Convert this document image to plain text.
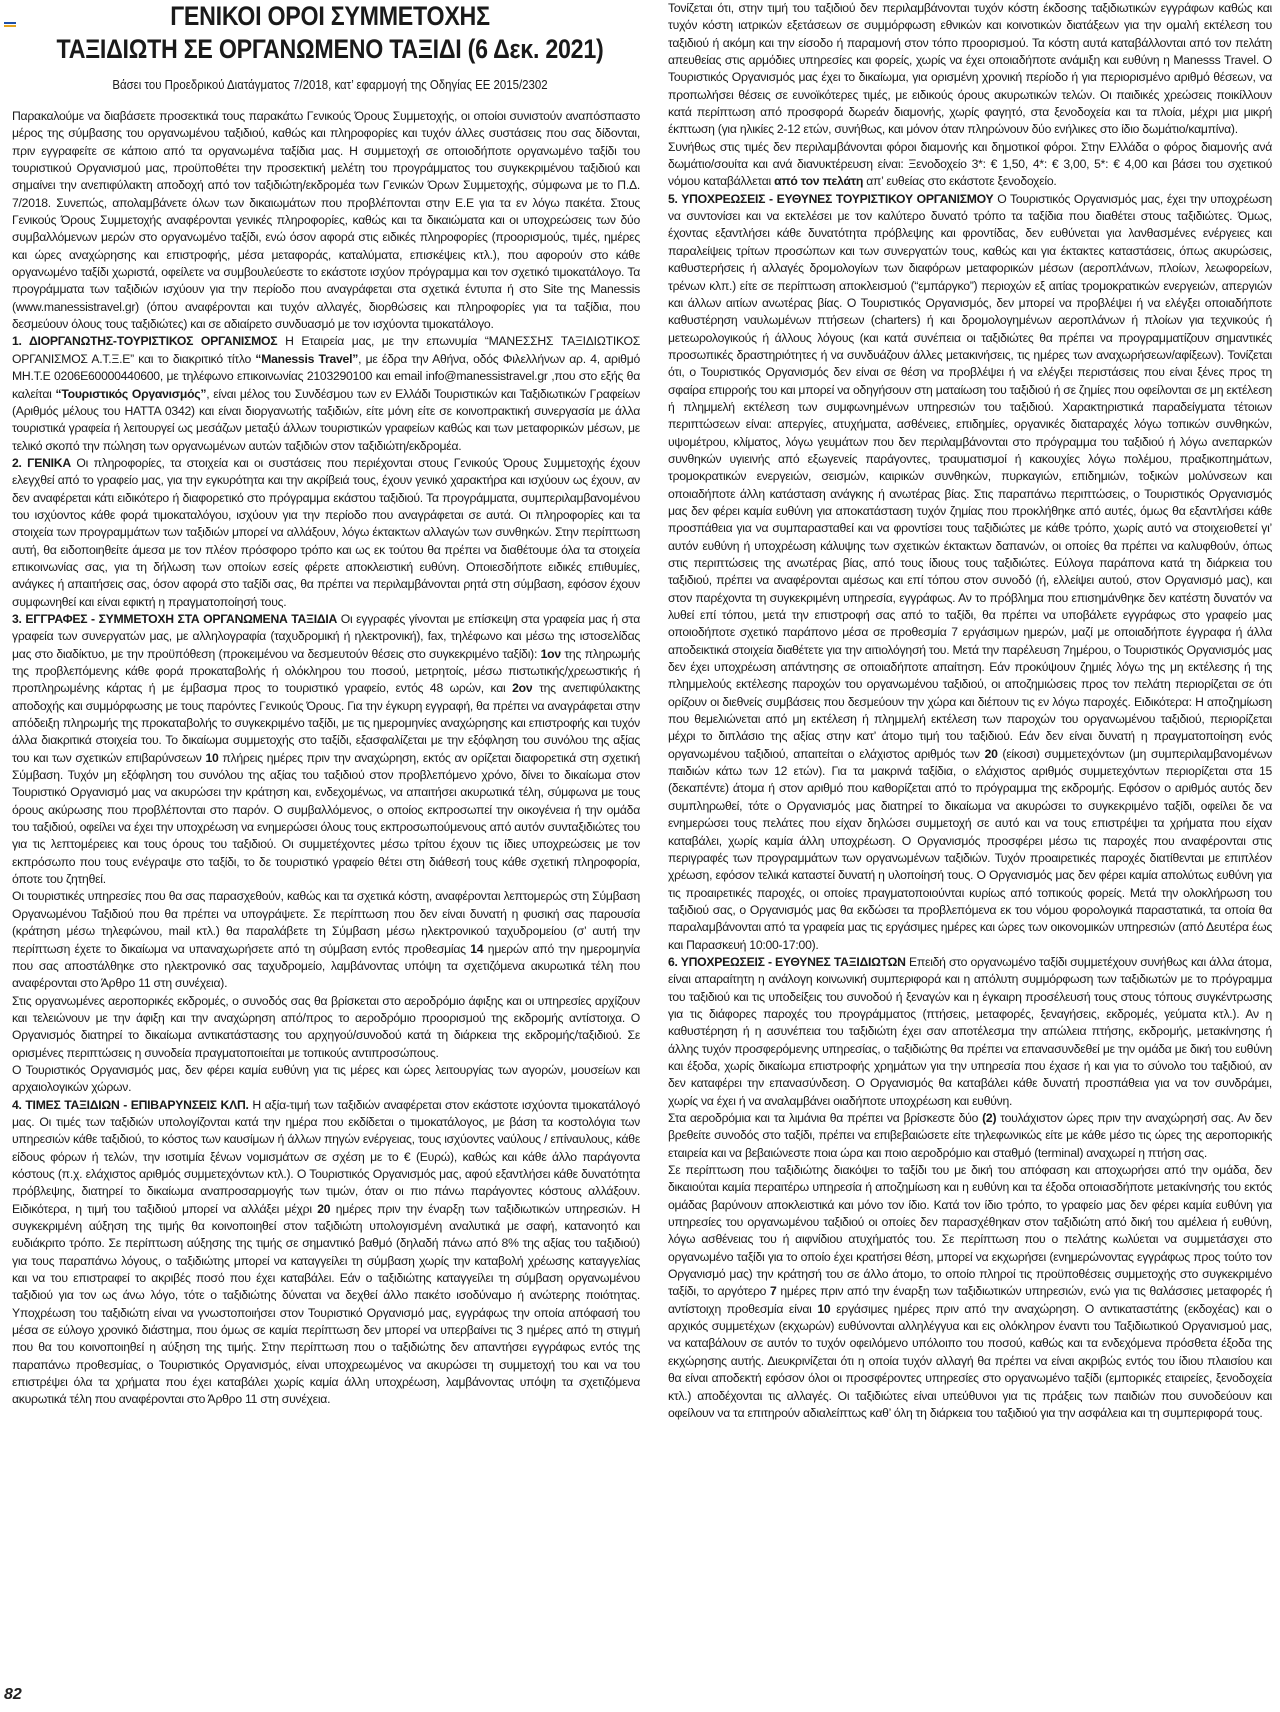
ΓΕΝΙΚΟΙ ΟΡΟΙ ΣΥΜΜΕΤΟΧΗΣ
ΤΑΞΙΔΙΩΤΗ ΣΕ ΟΡΓΑΝΩΜΕΝΟ ΤΑΞΙΔΙ (6 Δεκ. 2021)

Βάσει του Προεδρικού Διατάγματος 7/2018, κατ’ εφαρμογή της Οδηγίας ΕΕ 2015/2302

Παρακαλούμε να διαβάσετε προσεκτικά τους παρακάτω Γενικούς Όρους Συμμετοχής, οι οποίοι συνιστούν αναπόσπαστο μέρος της σύμβασης του οργανωμένου ταξιδιού, καθώς και πληροφορίες και τυχόν άλλες συστάσεις που σας δίδονται, πριν εγγραφείτε σε κάποιο από τα οργανωμένα ταξίδια μας. Η συμμετοχή σε οποιοδήποτε οργανωμένο ταξίδι του τουριστικού Οργανισμού μας, προϋποθέτει την προσεκτική μελέτη του προγράμματος του συγκεκριμένου ταξιδιού και σημαίνει την ανεπιφύλακτη αποδοχή από τον ταξιδιώτη/εκδρομέα των Γενικών Όρων Συμμετοχής, σύμφωνα με το Π.Δ. 7/2018. Συνεπώς, απολαμβάνετε όλων των δικαιωμάτων που προβλέπονται στην Ε.Ε για τα εν λόγω πακέτα. Στους Γενικούς Όρους Συμμετοχής αναφέρονται γενικές πληροφορίες, καθώς και τα δικαιώματα και οι υποχρεώσεις των δύο συμβαλλόμενων μερών στο οργανωμένο ταξίδι, ενώ όσον αφορά στις ειδικές πληροφορίες (προορισμούς, τιμές, ημέρες και ώρες αναχώρησης και επιστροφής, μέσα μεταφοράς, καταλύματα, επισκέψεις κτλ.), που αφορούν στο κάθε οργανωμένο ταξίδι χωριστά, οφείλετε να συμβουλεύεστε το εκάστοτε ισχύον πρόγραμμα και τον σχετικό τιμοκατάλογο. Τα προγράμματα των ταξιδιών ισχύουν για την περίοδο που αναγράφεται στα σχετικά έντυπα ή στο Site της Manessis (www.manessistravel.gr) (όπου αναφέρονται και τυχόν αλλαγές, διορθώσεις και πληροφορίες για τα ταξίδια, που δεσμεύουν όλους τους ταξιδιώτες) και σε αδιαίρετο συνδυασμό με τον ισχύοντα τιμοκατάλογο.

1. ΔΙΟΡΓΑΝΩΤΗΣ-ΤΟΥΡΙΣΤΙΚΟΣ ΟΡΓΑΝΙΣΜΟΣ Η Εταιρεία μας, με την επωνυμία “ΜΑΝΕΣΣΗΣ ΤΑΞΙΔΙΩΤΙΚΟΣ ΟΡΓΑΝΙΣΜΟΣ Α.Τ.Ξ.Ε” και το διακριτικό τίτλο “Manessis Travel”, με έδρα την Αθήνα, οδός Φιλελλήνων αρ. 4, αριθμό ΜΗ.Τ.Ε 0206Ε60000440600, με τηλέφωνο επικοινωνίας 2103290100 και email info@manessistravel.gr ,που στο εξής θα καλείται “Τουριστικός Οργανισμός”, είναι μέλος του Συνδέσμου των εν Ελλάδι Τουριστικών και Ταξιδιωτικών Γραφείων (Αριθμός μέλους του HATTA 0342) και είναι διοργανωτής ταξιδιών, είτε μόνη είτε σε κοινοπρακτική συνεργασία με άλλα τουριστικά γραφεία ή λειτουργεί ως μεσάζων μεταξύ άλλων τουριστικών γραφείων καθώς και των μεταφορικών μέσων, με τελικό σκοπό την πώληση των οργανωμένων αυτών ταξιδιών στον ταξιδιώτη/εκδρομέα.

2. ΓΕΝΙΚΑ Οι πληροφορίες, τα στοιχεία και οι συστάσεις που περιέχονται στους Γενικούς Όρους Συμμετοχής έχουν ελεγχθεί από το γραφείο μας, για την εγκυρότητα και την ακρίβειά τους, έχουν γενικό χαρακτήρα και ισχύουν ως έχουν, αν δεν αναφέρεται κάτι ειδικότερο ή διαφορετικό στο πρόγραμμα εκάστου ταξιδιού. Τα προγράμματα, συμπεριλαμβανομένου του ισχύοντος κάθε φορά τιμοκαταλόγου, ισχύουν για την περίοδο που αναγράφεται σε αυτά. Οι πληροφορίες και τα στοιχεία των προγραμμάτων των ταξιδιών μπορεί να αλλάξουν, λόγω έκτακτων αλλαγών των συνθηκών. Στην περίπτωση αυτή, θα ειδοποιηθείτε άμεσα με τον πλέον πρόσφορο τρόπο και ως εκ τούτου θα πρέπει να διαθέτουμε όλα τα στοιχεία επικοινωνίας σας, για τη δήλωση των οποίων εσείς φέρετε αποκλειστική ευθύνη. Οποιεσδήποτε ειδικές επιθυμίες, ανάγκες ή απαιτήσεις σας, όσον αφορά στο ταξίδι σας, θα πρέπει να περιλαμβάνονται ρητά στη σύμβαση, εφόσον έχουν συμφωνηθεί και είναι εφικτή η πραγματοποίησή τους.

3. ΕΓΓΡΑΦΕΣ - ΣΥΜΜΕΤΟΧΗ ΣΤΑ ΟΡΓΑΝΩΜΕΝΑ ΤΑΞΙΔΙΑ Οι εγγραφές γίνονται με επίσκεψη στα γραφεία μας ή στα γραφεία των συνεργατών μας, με αλληλογραφία (ταχυδρομική ή ηλεκτρονική), fax, τηλέφωνο και μέσω της ιστοσελίδας μας στο διαδίκτυο, με την προϋπόθεση (προκειμένου να δεσμευτούν θέσεις στο συγκεκριμένο ταξίδι): 1ον της πληρωμής της προβλεπόμενης κάθε φορά προκαταβολής ή ολόκληρου του ποσού, μετρητοίς, μέσω πιστωτικής/χρεωστικής ή προπληρωμένης κάρτας ή με έμβασμα προς το τουριστικό γραφείο, εντός 48 ωρών, και 2ον της ανεπιφύλακτης αποδοχής και συμμόρφωσης με τους παρόντες Γενικούς Όρους. Για την έγκυρη εγγραφή, θα πρέπει να αναγράφεται στην απόδειξη πληρωμής της προκαταβολής το συγκεκριμένο ταξίδι, με τις ημερομηνίες αναχώρησης και επιστροφής και τυχόν άλλα διακριτικά στοιχεία του. Το δικαίωμα συμμετοχής στο ταξίδι, εξασφαλίζεται με την εξόφληση του συνόλου της αξίας του και των σχετικών επιβαρύνσεων 10 πλήρεις ημέρες πριν την αναχώρηση, εκτός αν ορίζεται διαφορετικά στη σχετική Σύμβαση. Τυχόν μη εξόφληση του συνόλου της αξίας του ταξιδιού στον προβλεπόμενο χρόνο, δίνει το δικαίωμα στον Τουριστικό Οργανισμό μας να ακυρώσει την κράτηση και, ενδεχομένως, να απαιτήσει ακυρωτικά τέλη, σύμφωνα με τους όρους ακύρωσης που προβλέπονται στο παρόν. Ο συμβαλλόμενος, ο οποίος εκπροσωπεί την οικογένεια ή την ομάδα του ταξιδιού, οφείλει να έχει την υποχρέωση να ενημερώσει όλους τους εκπροσωπούμενους από αυτόν συνταξιδιώτες του για τις λεπτομέρειες και τους όρους του ταξιδιού. Οι συμμετέχοντες μέσω τρίτου έχουν τις ίδιες υποχρεώσεις με τον εκπρόσωπο που τους ενέγραψε στο ταξίδι, το δε τουριστικό γραφείο θέτει στη διάθεσή τους κάθε σχετική πληροφορία, όποτε του ζητηθεί.

Οι τουριστικές υπηρεσίες που θα σας παρασχεθούν, καθώς και τα σχετικά κόστη, αναφέρονται λεπτομερώς στη Σύμβαση Οργανωμένου Ταξιδιού που θα πρέπει να υπογράψετε. Σε περίπτωση που δεν είναι δυνατή η φυσική σας παρουσία (κράτηση μέσω τηλεφώνου, mail κτλ.) θα παραλάβετε τη Σύμβαση μέσω ηλεκτρονικού ταχυδρομείου (σ’ αυτή την περίπτωση έχετε το δικαίωμα να υπαναχωρήσετε από τη σύμβαση εντός προθεσμίας 14 ημερών από την ημερομηνία που σας αποστάλθηκε στο ηλεκτρονικό σας ταχυδρομείο, λαμβάνοντας υπόψη τα σχετιζόμενα ακυρωτικά τέλη που αναφέρονται στο Άρθρο 11 στη συνέχεια).

Στις οργανωμένες αεροπορικές εκδρομές, ο συνοδός σας θα βρίσκεται στο αεροδρόμιο άφιξης και οι υπηρεσίες αρχίζουν και τελειώνουν με την άφιξη και την αναχώρηση από/προς το αεροδρόμιο προορισμού της εκδρομής αντίστοιχα. Ο Οργανισμός διατηρεί το δικαίωμα αντικατάστασης του αρχηγού/συνοδού κατά τη διάρκεια της εκδρομής/ταξιδιού. Σε ορισμένες περιπτώσεις η συνοδεία πραγματοποιείται με τοπικούς αντιπροσώπους.

Ο Τουριστικός Οργανισμός μας, δεν φέρει καμία ευθύνη για τις μέρες και ώρες λειτουργίας των αγορών, μουσείων και αρχαιολογικών χώρων.

4. ΤΙΜΕΣ ΤΑΞΙΔΙΩΝ - ΕΠΙΒΑΡΥΝΣΕΙΣ ΚΛΠ. Η αξία-τιμή των ταξιδιών αναφέρεται στον εκάστοτε ισχύοντα τιμοκατάλογό μας. Οι τιμές των ταξιδιών υπολογίζονται κατά την ημέρα που εκδίδεται ο τιμοκατάλογος, με βάση τα κοστολόγια των υπηρεσιών κάθε ταξιδιού, το κόστος των καυσίμων ή άλλων πηγών ενέργειας, τους ισχύοντες ναύλους / επίναυλους, κάθε είδους φόρων ή τελών, την ισοτιμία ξένων νομισμάτων σε σχέση με το € (Ευρώ), καθώς και κάθε άλλο παράγοντα κόστους (π.χ. ελάχιστος αριθμός συμμετεχόντων κτλ.). Ο Τουριστικός Οργανισμός μας, αφού εξαντλήσει κάθε δυνατότητα πρόβλεψης, διατηρεί το δικαίωμα αναπροσαρμογής των τιμών, όταν οι πιο πάνω παράγοντες κόστους αλλάξουν. Ειδικότερα, η τιμή του ταξιδιού μπορεί να αλλάξει μέχρι 20 ημέρες πριν την έναρξη των ταξιδιωτικών υπηρεσιών. Η συγκεκριμένη αύξηση της τιμής θα κοινοποιηθεί στον ταξιδιώτη υπολογισμένη αναλυτικά με σαφή, κατανοητό και ευδιάκριτο τρόπο. Σε περίπτωση αύξησης της τιμής σε σημαντικό βαθμό (δηλαδή πάνω από 8% της αξίας του ταξιδιού) για τους παραπάνω λόγους, ο ταξιδιώτης μπορεί να καταγγείλει τη σύμβαση χωρίς την καταβολή χρέωσης καταγγελίας και να του επιστραφεί το ακριβές ποσό που έχει καταβάλει. Εάν ο ταξιδιώτης καταγγείλει τη σύμβαση οργανωμένου ταξιδιού για τον ως άνω λόγο, τότε ο ταξιδιώτης δύναται να δεχθεί άλλο πακέτο ισοδύναμο ή ανώτερης ποιότητας. Υποχρέωση του ταξιδιώτη είναι να γνωστοποιήσει στον Τουριστικό Οργανισμό μας, εγγράφως την οποία απόφασή του μέσα σε εύλογο χρονικό διάστημα, που όμως σε καμία περίπτωση δεν μπορεί να υπερβαίνει τις 3 ημέρες από τη στιγμή που θα του κοινοποιηθεί η αύξηση της τιμής. Στην περίπτωση που ο ταξιδιώτης δεν απαντήσει εγγράφως εντός της παραπάνω προθεσμίας, ο Τουριστικός Οργανισμός, είναι υποχρεωμένος να ακυρώσει τη συμμετοχή του και να του επιστρέψει όλα τα χρήματα που έχει καταβάλει χωρίς καμία άλλη υποχρέωση, λαμβάνοντας υπόψη τα σχετιζόμενα ακυρωτικά τέλη που αναφέρονται στο Άρθρο 11 στη συνέχεια.

Τονίζεται ότι, στην τιμή του ταξιδιού δεν περιλαμβάνονται τυχόν κόστη έκδοσης ταξιδιωτικών εγγράφων καθώς και τυχόν κόστη ιατρικών εξετάσεων σε συμμόρφωση εθνικών και κοινοτικών διατάξεων για την ομαλή εκτέλεση του ταξιδιού ή ακόμη και την είσοδο ή παραμονή στον τόπο προορισμού. Τα κόστη αυτά καταβάλλονται από τον πελάτη απευθείας στις αρμόδιες υπηρεσίες και φορείς, χωρίς να έχει οποιαδήποτε ανάμιξη και ευθύνη η Manesss Travel. Ο Τουριστικός Οργανισμός μας έχει το δικαίωμα, για ορισμένη χρονική περίοδο ή για περιορισμένο αριθμό θέσεων, να προπωλήσει θέσεις σε ευνοϊκότερες τιμές, με ειδικούς όρους ακυρωτικών τελών. Οι παιδικές χρεώσεις ποικίλλουν κατά περίπτωση από προσφορά δωρεάν διαμονής, χωρίς φαγητό, στα ξενοδοχεία και τα πλοία, μέχρι μια μικρή έκπτωση (για ηλικίες 2-12 ετών, συνήθως, και μόνον όταν πληρώνουν δύο ενήλικες στο ίδιο δωμάτιο/καμπίνα).

Συνήθως στις τιμές δεν περιλαμβάνονται φόροι διαμονής και δημοτικοί φόροι. Στην Ελλάδα ο φόρος διαμονής ανά δωμάτιο/σουίτα και ανά διανυκτέρευση είναι: Ξενοδοχείο 3*: € 1,50, 4*: € 3,00, 5*: € 4,00 και βάσει του σχετικού νόμου καταβάλλεται από τον πελάτη απ’ ευθείας στο εκάστοτε ξενοδοχείο.

5. ΥΠΟΧΡΕΩΣΕΙΣ - ΕΥΘΥΝΕΣ ΤΟΥΡΙΣΤΙΚΟΥ ΟΡΓΑΝΙΣΜΟΥ Ο Τουριστικός Οργανισμός μας, έχει την υποχρέωση να συντονίσει και να εκτελέσει με τον καλύτερο δυνατό τρόπο τα ταξίδια που διαθέτει στους ταξιδιώτες. Όμως, έχοντας εξαντλήσει κάθε δυνατότητα πρόβλεψης και φροντίδας, δεν ευθύνεται για λανθασμένες ενέργειες και παραλείψεις τρίτων προσώπων και των συνεργατών τους, καθώς και για έκτακτες καταστάσεις, όπως ακυρώσεις, καθυστερήσεις ή αλλαγές δρομολογίων των διαφόρων μεταφορικών μέσων (αεροπλάνων, πλοίων, λεωφορείων, τρένων κλπ.) είτε σε περίπτωση αποκλεισμού (“εμπάργκο”) περιοχών εξ αιτίας τρομοκρατικών ενεργειών, απεργιών και άλλων αιτίων ανωτέρας βίας. Ο Τουριστικός Οργανισμός, δεν μπορεί να προβλέψει ή να ελέγξει οποιαδήποτε καθυστέρηση ναυλωμένων πτήσεων (charters) ή και δρομολογημένων αεροπλάνων ή πλοίων για τεχνικούς ή μετεωρολογικούς ή άλλους λόγους (και κατά συνέπεια οι ταξιδιώτες θα πρέπει να προγραμματίζουν σημαντικές προσωπικές δραστηριότητες ή να συνδυάζουν άλλες μετακινήσεις, τις ημέρες των αναχωρήσεων/αφίξεων). Τονίζεται ότι, ο Τουριστικός Οργανισμός δεν είναι σε θέση να προβλέψει ή να ελέγξει περιστάσεις που είναι ξένες προς τη σφαίρα επιρροής του και μπορεί να οδηγήσουν στη ματαίωση του ταξιδιού ή σε ζημίες που οφείλονται σε μη εκτέλεση ή πλημμελή εκτέλεση των συμφωνημένων υπηρεσιών του ταξιδιού. Χαρακτηριστικά παραδείγματα τέτοιων περιπτώσεων είναι: απεργίες, ατυχήματα, ασθένειες, επιδημίες, οργανικές διαταραχές λόγω τοπικών συνθηκών, υψομέτρου, κλίματος, λόγω γευμάτων που δεν περιλαμβάνονται στο πρόγραμμα του ταξιδιού ή λόγω ανεπαρκών συνθηκών υγιεινής από εξωγενείς παράγοντες, τραυματισμοί ή κακουχίες λόγω πολέμου, πραξικοπημάτων, τρομοκρατικών ενεργειών, σεισμών, καιρικών συνθηκών, πυρκαγιών, επιδημιών, τοξικών μολύνσεων και οποιαδήποτε άλλη κατάσταση ανάγκης ή ανωτέρας βίας. Στις παραπάνω περιπτώσεις, ο Τουριστικός Οργανισμός μας δεν φέρει καμία ευθύνη για αποκατάσταση τυχόν ζημίας που προκλήθηκε από αυτές, όμως θα εξαντλήσει κάθε προσπάθεια για να συμπαρασταθεί και να φροντίσει τους ταξιδιώτες με κάθε τρόπο, χωρίς αυτό να στοιχειοθετεί γι’ αυτόν ευθύνη ή υποχρέωση κάλυψης των σχετικών έκτακτων δαπανών, οι οποίες θα πρέπει να καλυφθούν, όπως στις περιπτώσεις της ανωτέρας βίας, από τους ίδιους τους ταξιδιώτες. Εύλογα παράπονα κατά τη διάρκεια του ταξιδιού, πρέπει να αναφέρονται αμέσως και επί τόπου στον συνοδό (ή, ελλείψει αυτού, στον Οργανισμό μας), και στον παρέχοντα τη συγκεκριμένη υπηρεσία, εγγράφως. Αν το πρόβλημα που επισημάνθηκε δεν κατέστη δυνατόν να λυθεί επί τόπου, μετά την επιστροφή σας από το ταξίδι, θα πρέπει να υποβάλετε εγγράφως στο γραφείο μας οποιοδήποτε σχετικό παράπονο μέσα σε προθεσμία 7 εργάσιμων ημερών, μαζί με οποιαδήποτε έγγραφα ή άλλα αποδεικτικά στοιχεία διαθέτετε για την αιτιολόγησή του. Μετά την παρέλευση 7ημέρου, ο Τουριστικός Οργανισμός μας δεν έχει υποχρέωση απάντησης σε οποιαδήποτε απαίτηση. Εάν προκύψουν ζημιές λόγω της μη εκτέλεσης ή της πλημμελούς εκτέλεσης παροχών του οργανωμένου ταξιδιού, οι αποζημιώσεις προς τον πελάτη περιορίζεται σε ότι ορίζουν οι διεθνείς συμβάσεις που δεσμεύουν την χώρα και διέπουν τις εν λόγω παροχές. Ειδικότερα: Η αποζημίωση που θεμελιώνεται από μη εκτέλεση ή πλημμελή εκτέλεση των παροχών του οργανωμένου ταξιδιού, περιορίζεται μέχρι το διπλάσιο της αξίας στην κατ’ άτομο τιμή του ταξιδιού. Εάν δεν είναι δυνατή η πραγματοποίηση ενός οργανωμένου ταξιδιού, απαιτείται ο ελάχιστος αριθμός των 20 (είκοσι) συμμετεχόντων (μη συμπεριλαμβανομένων παιδιών κάτω των 12 ετών). Για τα μακρινά ταξίδια, ο ελάχιστος αριθμός συμμετεχόντων περιορίζεται στα 15 (δεκαπέντε) άτομα ή στον αριθμό που καθορίζεται από το πρόγραμμα της εκδρομής. Εφόσον ο αριθμός αυτός δεν συμπληρωθεί, τότε ο Οργανισμός μας διατηρεί το δικαίωμα να ακυρώσει το συγκεκριμένο ταξίδι, οφείλει δε να ενημερώσει τους πελάτες που είχαν δηλώσει συμμετοχή σε αυτό και να τους επιστρέψει τα χρήματα που είχαν καταβάλει, χωρίς καμία άλλη υποχρέωση. Ο Οργανισμός προσφέρει μέσω τις παροχές που αναφέρονται στις περιγραφές των προγραμμάτων των οργανωμένων ταξιδιών. Τυχόν προαιρετικές παροχές διατίθενται με επιπλέον χρέωση, εφόσον τελικά καταστεί δυνατή η υλοποίησή τους. Ο Οργανισμός μας δεν φέρει καμία απολύτως ευθύνη για τις προαιρετικές παροχές, οι οποίες πραγματοποιούνται κυρίως από τοπικούς φορείς. Μετά την ολοκλήρωση του ταξιδιού σας, ο Οργανισμός μας θα εκδώσει τα προβλεπόμενα εκ του νόμου φορολογικά παραστατικά, τα οποία θα παραλαμβάνονται από τα γραφεία μας τις εργάσιμες ημέρες και ώρες των οικονομικών υπηρεσιών (από Δευτέρα έως και Παρασκευή 10:00-17:00).

6. ΥΠΟΧΡΕΩΣΕΙΣ - ΕΥΘΥΝΕΣ ΤΑΞΙΔΙΩΤΩΝ Επειδή στο οργανωμένο ταξίδι συμμετέχουν συνήθως και άλλα άτομα, είναι απαραίτητη η ανάλογη κοινωνική συμπεριφορά και η απόλυτη συμμόρφωση των ταξιδιωτών με το πρόγραμμα του ταξιδιού και τις υποδείξεις του συνοδού ή ξεναγών και η έγκαιρη προσέλευσή τους στους τόπους συγκέντρωσης για τις διάφορες παροχές του προγράμματος (πτήσεις, μεταφορές, ξεναγήσεις, εκδρομές, γεύματα κτλ.). Αν η καθυστέρηση ή η ασυνέπεια του ταξιδιώτη έχει σαν αποτέλεσμα την απώλεια πτήσης, εκδρομής, μετακίνησης ή άλλης τυχόν προσφερόμενης υπηρεσίας, ο ταξιδιώτης θα πρέπει να επανασυνδεθεί με την ομάδα με δική του ευθύνη και έξοδα, χωρίς δικαίωμα επιστροφής χρημάτων για την υπηρεσία που έχασε ή και για το σύνολο του ταξιδιού, αν δεν καταφέρει την επανασύνδεση. Ο Οργανισμός θα καταβάλει κάθε δυνατή προσπάθεια για να τον συνδράμει, χωρίς να έχει ή να αναλαμβάνει οιαδήποτε υποχρέωση και ευθύνη.

Στα αεροδρόμια και τα λιμάνια θα πρέπει να βρίσκεστε δύο (2) τουλάχιστον ώρες πριν την αναχώρησή σας. Αν δεν βρεθείτε συνοδός στο ταξίδι, πρέπει να επιβεβαιώσετε είτε τηλεφωνικώς είτε με κάθε μέσο τις ώρες της αεροπορικής εταιρεία και να βεβαιώνεστε ποια ώρα και ποιο αεροδρόμιο και σταθμό (terminal) αναχωρεί η πτήση σας.

Σε περίπτωση που ταξιδιώτης διακόψει το ταξίδι του με δική του απόφαση και αποχωρήσει από την ομάδα, δεν δικαιούται καμία περαιτέρω υπηρεσία ή αποζημίωση και η ευθύνη και τα έξοδα οποιασδήποτε μετακίνησής του εκτός ομάδας βαρύνουν αποκλειστικά και μόνο τον ίδιο. Κατά τον ίδιο τρόπο, το γραφείο μας δεν φέρει καμία ευθύνη για υπηρεσίες του οργανωμένου ταξιδιού οι οποίες δεν παρασχέθηκαν στον ταξιδιώτη από δική του αμέλεια ή ευθύνη, λόγω ασθένειας του ή αιφνίδιου ατυχήματός του. Σε περίπτωση που ο πελάτης κωλύεται να συμμετάσχει στο οργανωμένο ταξίδι για το οποίο έχει κρατήσει θέση, μπορεί να εκχωρήσει (ενημερώνοντας εγγράφως προς τούτο τον Οργανισμό μας) την κράτησή του σε άλλο άτομο, το οποίο πληροί τις προϋποθέσεις συμμετοχής στο συγκεκριμένο ταξίδι, το αργότερο 7 ημέρες πριν από την έναρξη των ταξιδιωτικών υπηρεσιών, ενώ για τις θαλάσσιες μεταφορές ή αντίστοιχη προθεσμία είναι 10 εργάσιμες ημέρες πριν από την αναχώρηση. Ο αντικαταστάτης (εκδοχέας) και ο αρχικός συμμετέχων (εκχωρών) ευθύνονται αλληλέγγυα και εις ολόκληρον έναντι του Ταξιδιωτικού Οργανισμού μας, να καταβάλουν σε αυτόν το τυχόν οφειλόμενο υπόλοιπο του ποσού, καθώς και τα ενδεχόμενα πρόσθετα έξοδα της εκχώρησης αυτής. Διευκρινίζεται ότι η οποία τυχόν αλλαγή θα πρέπει να είναι ακριβώς εντός του ίδιου πλαισίου και θα είναι αποδεκτή εφόσον όλοι οι προσφέροντες υπηρεσίες στο οργανωμένο ταξίδι (εμπορικές εταιρείες, ξενοδοχεία κτλ.) αποδέχονται τις αλλαγές. Οι ταξιδιώτες είναι υπεύθυνοι για τις πράξεις των παιδιών που συνοδεύουν και οφείλουν να τα επιτηρούν αδιαλείπτως καθ’ όλη τη διάρκεια του ταξιδιού για την ασφάλεια και τη συμπεριφορά τους.

82
